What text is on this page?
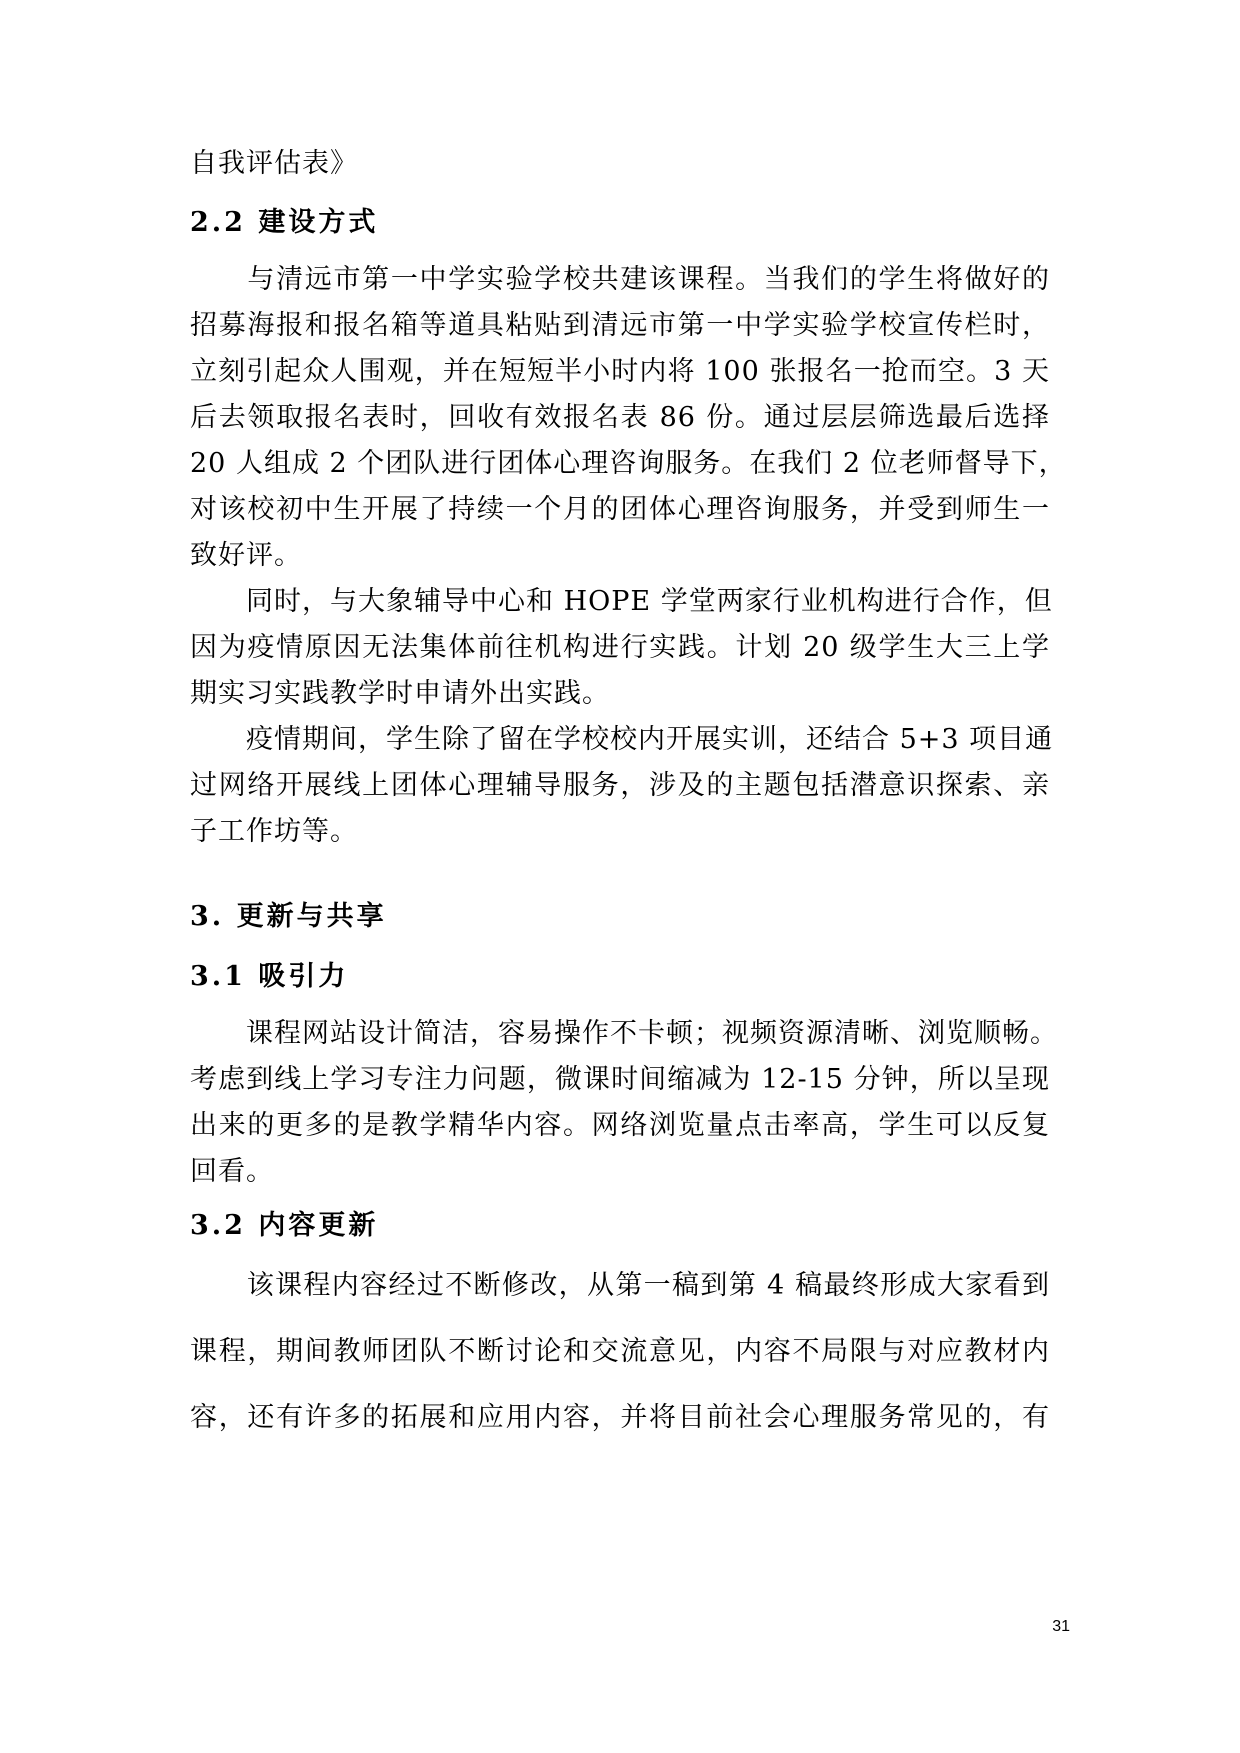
自我评估表》
2.2 建设方式
　　与清远市第一中学实验学校共建该课程。当我们的学生将做好的
招募海报和报名箱等道具粘贴到清远市第一中学实验学校宣传栏时，
立刻引起众人围观，并在短短半小时内将 100 张报名一抢而空。3 天
后去领取报名表时，回收有效报名表 86 份。通过层层筛选最后选择
20 人组成 2 个团队进行团体心理咨询服务。在我们 2 位老师督导下，
对该校初中生开展了持续一个月的团体心理咨询服务，并受到师生一
致好评。
　　同时，与大象辅导中心和 HOPE 学堂两家行业机构进行合作，但
因为疫情原因无法集体前往机构进行实践。计划 20 级学生大三上学
期实习实践教学时申请外出实践。
　　疫情期间，学生除了留在学校校内开展实训，还结合 5+3 项目通
过网络开展线上团体心理辅导服务，涉及的主题包括潜意识探索、亲
子工作坊等。
3. 更新与共享
3.1 吸引力
　　课程网站设计简洁，容易操作不卡顿；视频资源清晰、浏览顺畅。
考虑到线上学习专注力问题，微课时间缩减为 12-15 分钟，所以呈现
出来的更多的是教学精华内容。网络浏览量点击率高，学生可以反复
回看。
3.2 内容更新
　　该课程内容经过不断修改，从第一稿到第 4 稿最终形成大家看到
课程，期间教师团队不断讨论和交流意见，内容不局限与对应教材内
容，还有许多的拓展和应用内容，并将目前社会心理服务常见的，有
31
